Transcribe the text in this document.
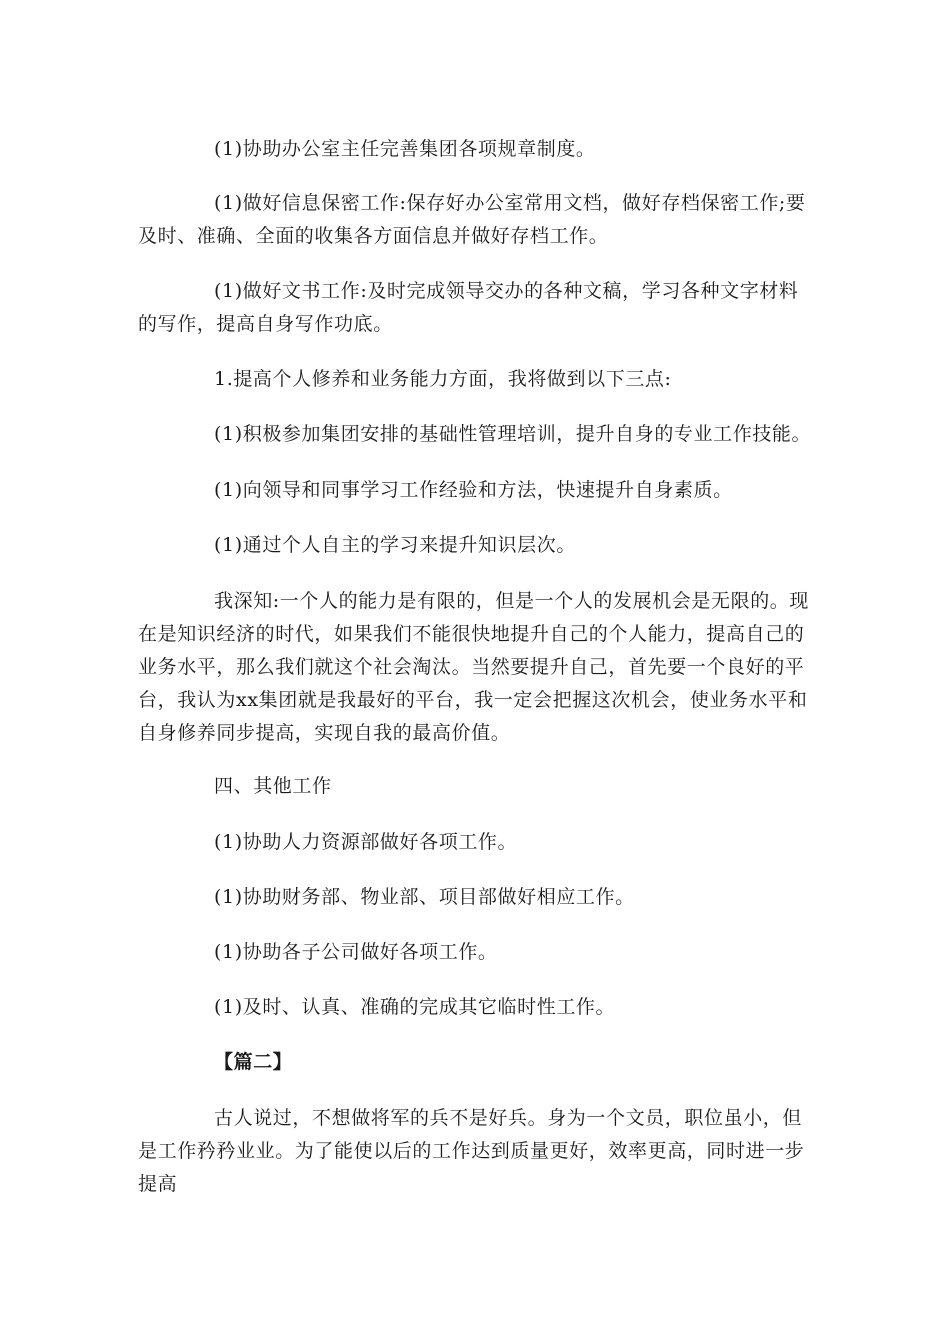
(1)协助办公室主任完善集团各项规章制度。

(1)做好信息保密工作:保存好办公室常用文档，做好存档保密工作;要及时、准确、全面的收集各方面信息并做好存档工作。

(1)做好文书工作:及时完成领导交办的各种文稿，学习各种文字材料的写作，提高自身写作功底。

1.提高个人修养和业务能力方面，我将做到以下三点:

(1)积极参加集团安排的基础性管理培训，提升自身的专业工作技能。

(1)向领导和同事学习工作经验和方法，快速提升自身素质。

(1)通过个人自主的学习来提升知识层次。

我深知:一个人的能力是有限的，但是一个人的发展机会是无限的。现在是知识经济的时代，如果我们不能很快地提升自己的个人能力，提高自己的业务水平，那么我们就这个社会淘汰。当然要提升自己，首先要一个良好的平台，我认为xx集团就是我最好的平台，我一定会把握这次机会，使业务水平和自身修养同步提高，实现自我的最高价值。

四、其他工作

(1)协助人力资源部做好各项工作。

(1)协助财务部、物业部、项目部做好相应工作。

(1)协助各子公司做好各项工作。

(1)及时、认真、准确的完成其它临时性工作。

【篇二】

古人说过，不想做将军的兵不是好兵。身为一个文员，职位虽小，但是工作矜矜业业。为了能使以后的工作达到质量更好，效率更高，同时进一步提高
